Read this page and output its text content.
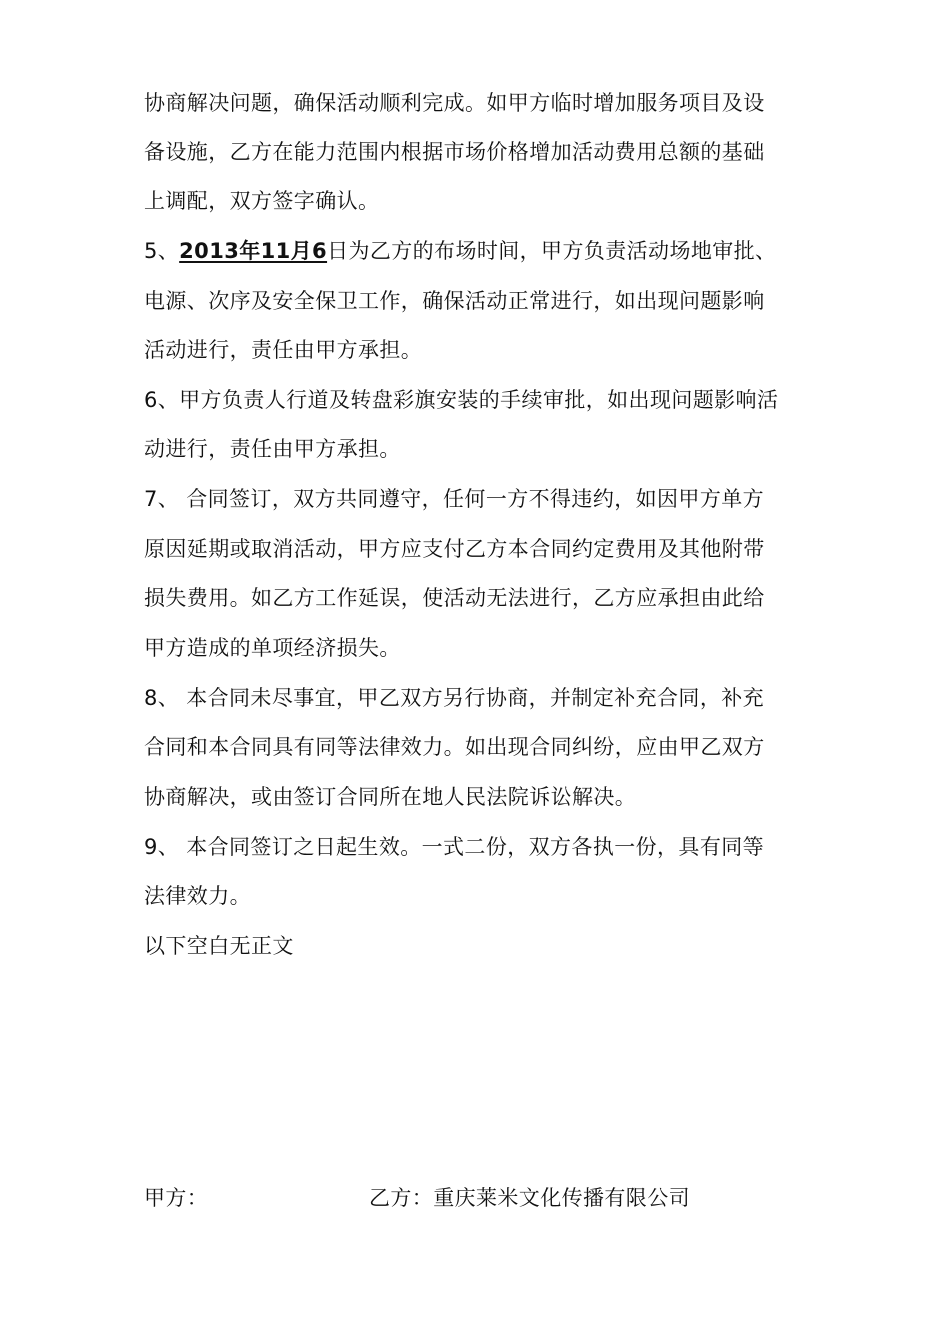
协商解决问题，确保活动顺利完成。如甲方临时增加服务项目及设
备设施，乙方在能力范围内根据市场价格增加活动费用总额的基础
上调配，双方签字确认。
5、2013年11月6日为乙方的布场时间，甲方负责活动场地审批、
电源、次序及安全保卫工作，确保活动正常进行，如出现问题影响
活动进行，责任由甲方承担。
6、甲方负责人行道及转盘彩旗安装的手续审批，如出现问题影响活
动进行，责任由甲方承担。
7、 合同签订，双方共同遵守，任何一方不得违约，如因甲方单方
原因延期或取消活动，甲方应支付乙方本合同约定费用及其他附带
损失费用。如乙方工作延误，使活动无法进行，乙方应承担由此给
甲方造成的单项经济损失。
8、 本合同未尽事宜，甲乙双方另行协商，并制定补充合同，补充
合同和本合同具有同等法律效力。如出现合同纠纷，应由甲乙双方
协商解决，或由签订合同所在地人民法院诉讼解决。
9、 本合同签订之日起生效。一式二份，双方各执一份，具有同等
法律效力。
以下空白无正文
甲方：	乙方：重庆莱米文化传播有限公司
